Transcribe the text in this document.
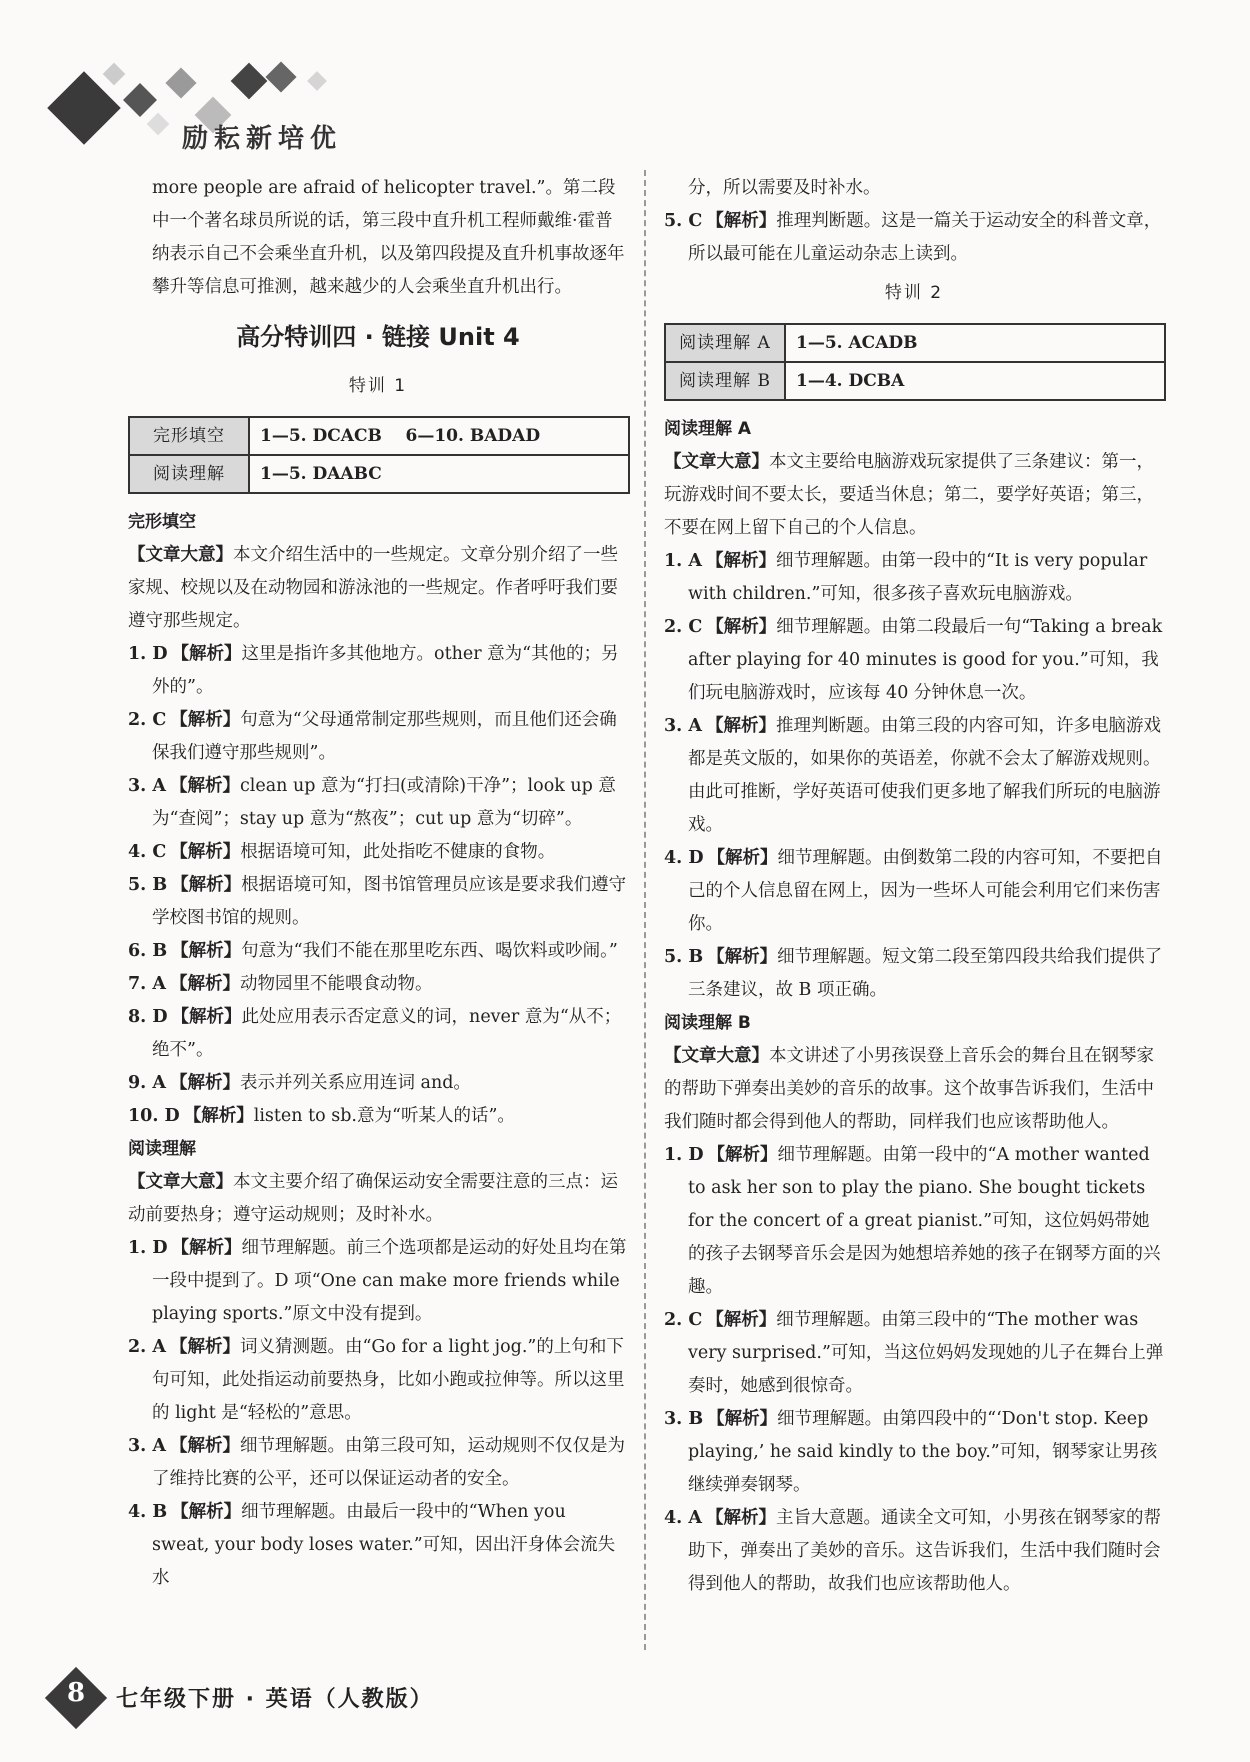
励耘新培优
more people are afraid of helicopter travel.”。第二段中一个著名球员所说的话，第三段中直升机工程师戴维·霍普纳表示自己不会乘坐直升机，以及第四段提及直升机事故逐年攀升等信息可推测，越来越少的人会乘坐直升机出行。
高分特训四 · 链接 Unit 4
特训 1
完形填空	1—5. DCACB    6—10. BADAD
阅读理解	1—5. DAABC
完形填空
【文章大意】本文介绍生活中的一些规定。文章分别介绍了一些家规、校规以及在动物园和游泳池的一些规定。作者呼吁我们要遵守那些规定。
1. D 【解析】这里是指许多其他地方。other 意为“其他的；另外的”。
2. C 【解析】句意为“父母通常制定那些规则，而且他们还会确保我们遵守那些规则”。
3. A 【解析】clean up 意为“打扫(或清除)干净”；look up 意为“查阅”；stay up 意为“熬夜”；cut up 意为“切碎”。
4. C 【解析】根据语境可知，此处指吃不健康的食物。
5. B 【解析】根据语境可知，图书馆管理员应该是要求我们遵守学校图书馆的规则。
6. B 【解析】句意为“我们不能在那里吃东西、喝饮料或吵闹。”
7. A 【解析】动物园里不能喂食动物。
8. D 【解析】此处应用表示否定意义的词，never 意为“从不；绝不”。
9. A 【解析】表示并列关系应用连词 and。
10. D 【解析】listen to sb.意为“听某人的话”。
阅读理解
【文章大意】本文主要介绍了确保运动安全需要注意的三点：运动前要热身；遵守运动规则；及时补水。
1. D 【解析】细节理解题。前三个选项都是运动的好处且均在第一段中提到了。D 项“One can make more friends while playing sports.”原文中没有提到。
2. A 【解析】词义猜测题。由“Go for a light jog.”的上句和下句可知，此处指运动前要热身，比如小跑或拉伸等。所以这里的 light 是“轻松的”意思。
3. A 【解析】细节理解题。由第三段可知，运动规则不仅仅是为了维持比赛的公平，还可以保证运动者的安全。
4. B 【解析】细节理解题。由最后一段中的“When you sweat, your body loses water.”可知，因出汗身体会流失水
分，所以需要及时补水。
5. C 【解析】推理判断题。这是一篇关于运动安全的科普文章，所以最可能在儿童运动杂志上读到。
特训 2
阅读理解 A	1—5. ACADB
阅读理解 B	1—4. DCBA
阅读理解 A
【文章大意】本文主要给电脑游戏玩家提供了三条建议：第一，玩游戏时间不要太长，要适当休息；第二，要学好英语；第三，不要在网上留下自己的个人信息。
1. A 【解析】细节理解题。由第一段中的“It is very popular with children.”可知，很多孩子喜欢玩电脑游戏。
2. C 【解析】细节理解题。由第二段最后一句“Taking a break after playing for 40 minutes is good for you.”可知，我们玩电脑游戏时，应该每 40 分钟休息一次。
3. A 【解析】推理判断题。由第三段的内容可知，许多电脑游戏都是英文版的，如果你的英语差，你就不会太了解游戏规则。由此可推断，学好英语可使我们更多地了解我们所玩的电脑游戏。
4. D 【解析】细节理解题。由倒数第二段的内容可知，不要把自己的个人信息留在网上，因为一些坏人可能会利用它们来伤害你。
5. B 【解析】细节理解题。短文第二段至第四段共给我们提供了三条建议，故 B 项正确。
阅读理解 B
【文章大意】本文讲述了小男孩误登上音乐会的舞台且在钢琴家的帮助下弹奏出美妙的音乐的故事。这个故事告诉我们，生活中我们随时都会得到他人的帮助，同样我们也应该帮助他人。
1. D 【解析】细节理解题。由第一段中的“A mother wanted to ask her son to play the piano. She bought tickets for the concert of a great pianist.”可知，这位妈妈带她的孩子去钢琴音乐会是因为她想培养她的孩子在钢琴方面的兴趣。
2. C 【解析】细节理解题。由第三段中的“The mother was very surprised.”可知，当这位妈妈发现她的儿子在舞台上弹奏时，她感到很惊奇。
3. B 【解析】细节理解题。由第四段中的“‘Don't stop. Keep playing,’ he said kindly to the boy.”可知，钢琴家让男孩继续弹奏钢琴。
4. A 【解析】主旨大意题。通读全文可知，小男孩在钢琴家的帮助下，弹奏出了美妙的音乐。这告诉我们，生活中我们随时会得到他人的帮助，故我们也应该帮助他人。
8	七年级下册 · 英语（人教版）
